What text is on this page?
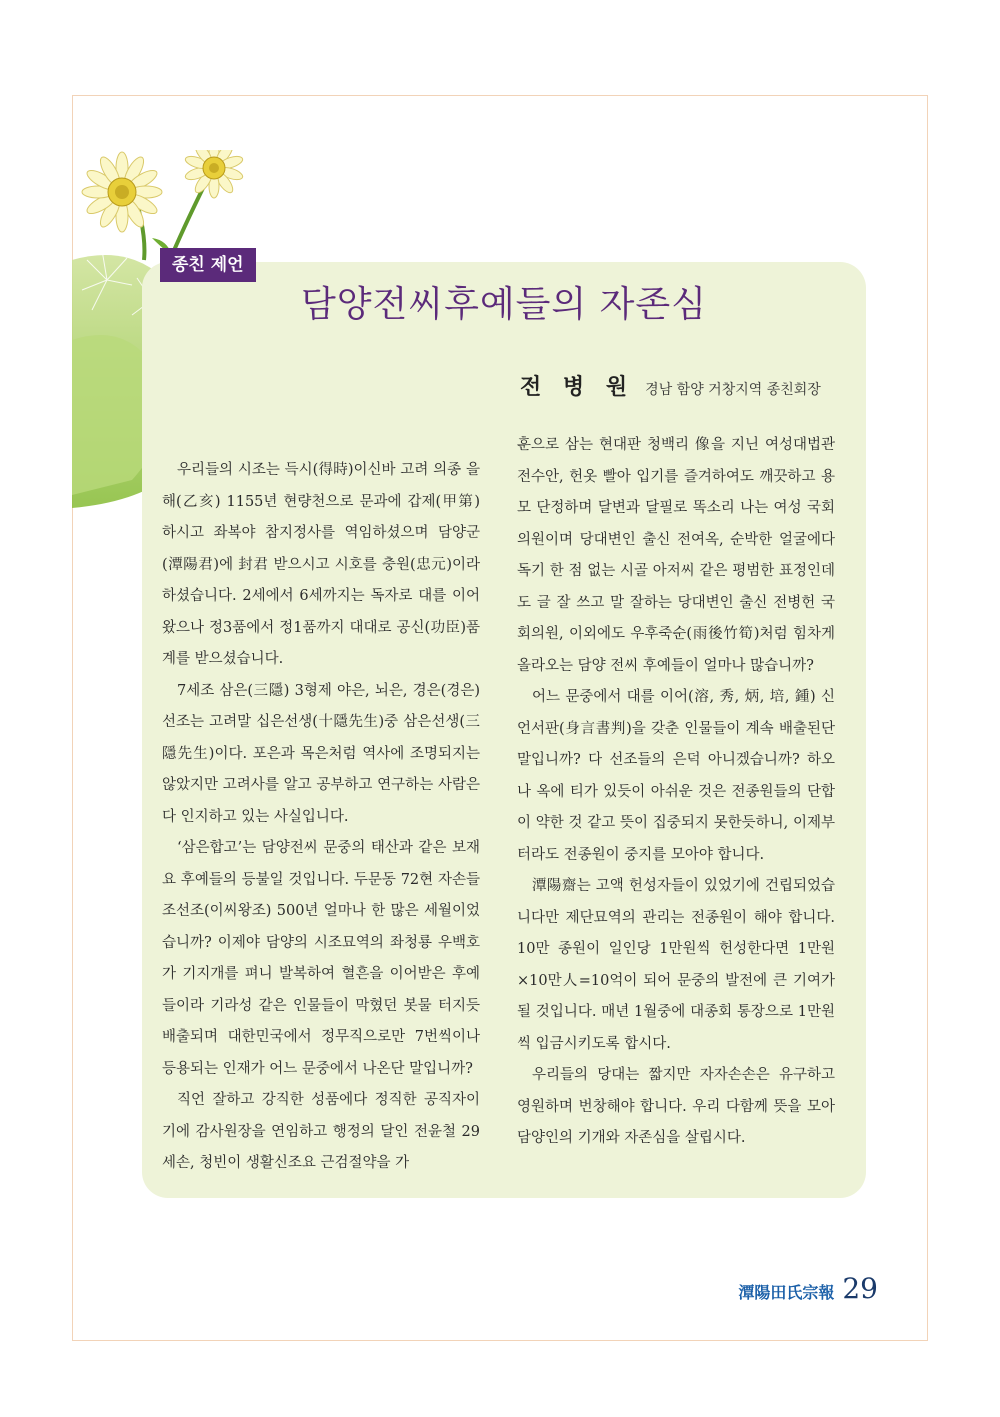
종친 제언
담양전씨후예들의 자존심
전 병 원 경남 함양 거창지역 종친회장

우리들의 시조는 득시(得時)이신바 고려 의종 을해(乙亥) 1155년 현량천으로 문과에 갑제(甲第)하시고 좌복야 참지정사를 역임하셨으며 담양군(潭陽君)에 封君 받으시고 시호를 충원(忠元)이라 하셨습니다. 2세에서 6세까지는 독자로 대를 이어왔으나 정3품에서 정1품까지 대대로 공신(功臣)품계를 받으셨습니다.

7세조 삼은(三隱) 3형제 야은, 뇌은, 경은(경은) 선조는 고려말 십은선생(十隱先生)중 삼은선생(三隱先生)이다. 포은과 목은처럼 역사에 조명되지는 않았지만 고려사를 알고 공부하고 연구하는 사람은 다 인지하고 있는 사실입니다.

‘삼은합고’는 담양전씨 문중의 태산과 같은 보재요 후예들의 등불일 것입니다. 두문동 72현 자손들 조선조(이씨왕조) 500년 얼마나 한 많은 세월이었습니까? 이제야 담양의 시조묘역의 좌청룡 우백호가 기지개를 펴니 발복하여 혈흔을 이어받은 후예들이라 기라성 같은 인물들이 막혔던 봇물 터지듯 배출되며 대한민국에서 정무직으로만 7번씩이나 등용되는 인재가 어느 문중에서 나온단 말입니까?

직언 잘하고 강직한 성품에다 정직한 공직자이기에 감사원장을 연임하고 행정의 달인 전윤철 29세손, 청빈이 생활신조요 근검절약을 가

훈으로 삼는 현대판 청백리 像을 지닌 여성대법관 전수안, 헌옷 빨아 입기를 즐겨하여도 깨끗하고 용모 단정하며 달변과 달필로 똑소리 나는 여성 국회의원이며 당대변인 출신 전여옥, 순박한 얼굴에다 독기 한 점 없는 시골 아저씨 같은 평범한 표정인데도 글 잘 쓰고 말 잘하는 당대변인 출신 전병헌 국회의원, 이외에도 우후죽순(雨後竹筍)처럼 힘차게 올라오는 담양 전씨 후예들이 얼마나 많습니까?

어느 문중에서 대를 이어(溶, 秀, 炳, 培, 鍾) 신언서판(身言書判)을 갖춘 인물들이 계속 배출된단 말입니까? 다 선조들의 은덕 아니겠습니까? 하오나 옥에 티가 있듯이 아쉬운 것은 전종원들의 단합이 약한 것 같고 뜻이 집중되지 못한듯하니, 이제부터라도 전종원이 중지를 모아야 합니다.

潭陽齋는 고액 헌성자들이 있었기에 건립되었습니다만 제단묘역의 관리는 전종원이 해야 합니다. 10만 종원이 일인당 1만원씩 헌성한다면 1만원×10만人=10억이 되어 문중의 발전에 큰 기여가 될 것입니다. 매년 1월중에 대종회 통장으로 1만원씩 입금시키도록 합시다.

우리들의 당대는 짧지만 자자손손은 유구하고 영원하며 번창해야 합니다. 우리 다함께 뜻을 모아 담양인의 기개와 자존심을 살립시다.

潭陽田氏宗報 29
